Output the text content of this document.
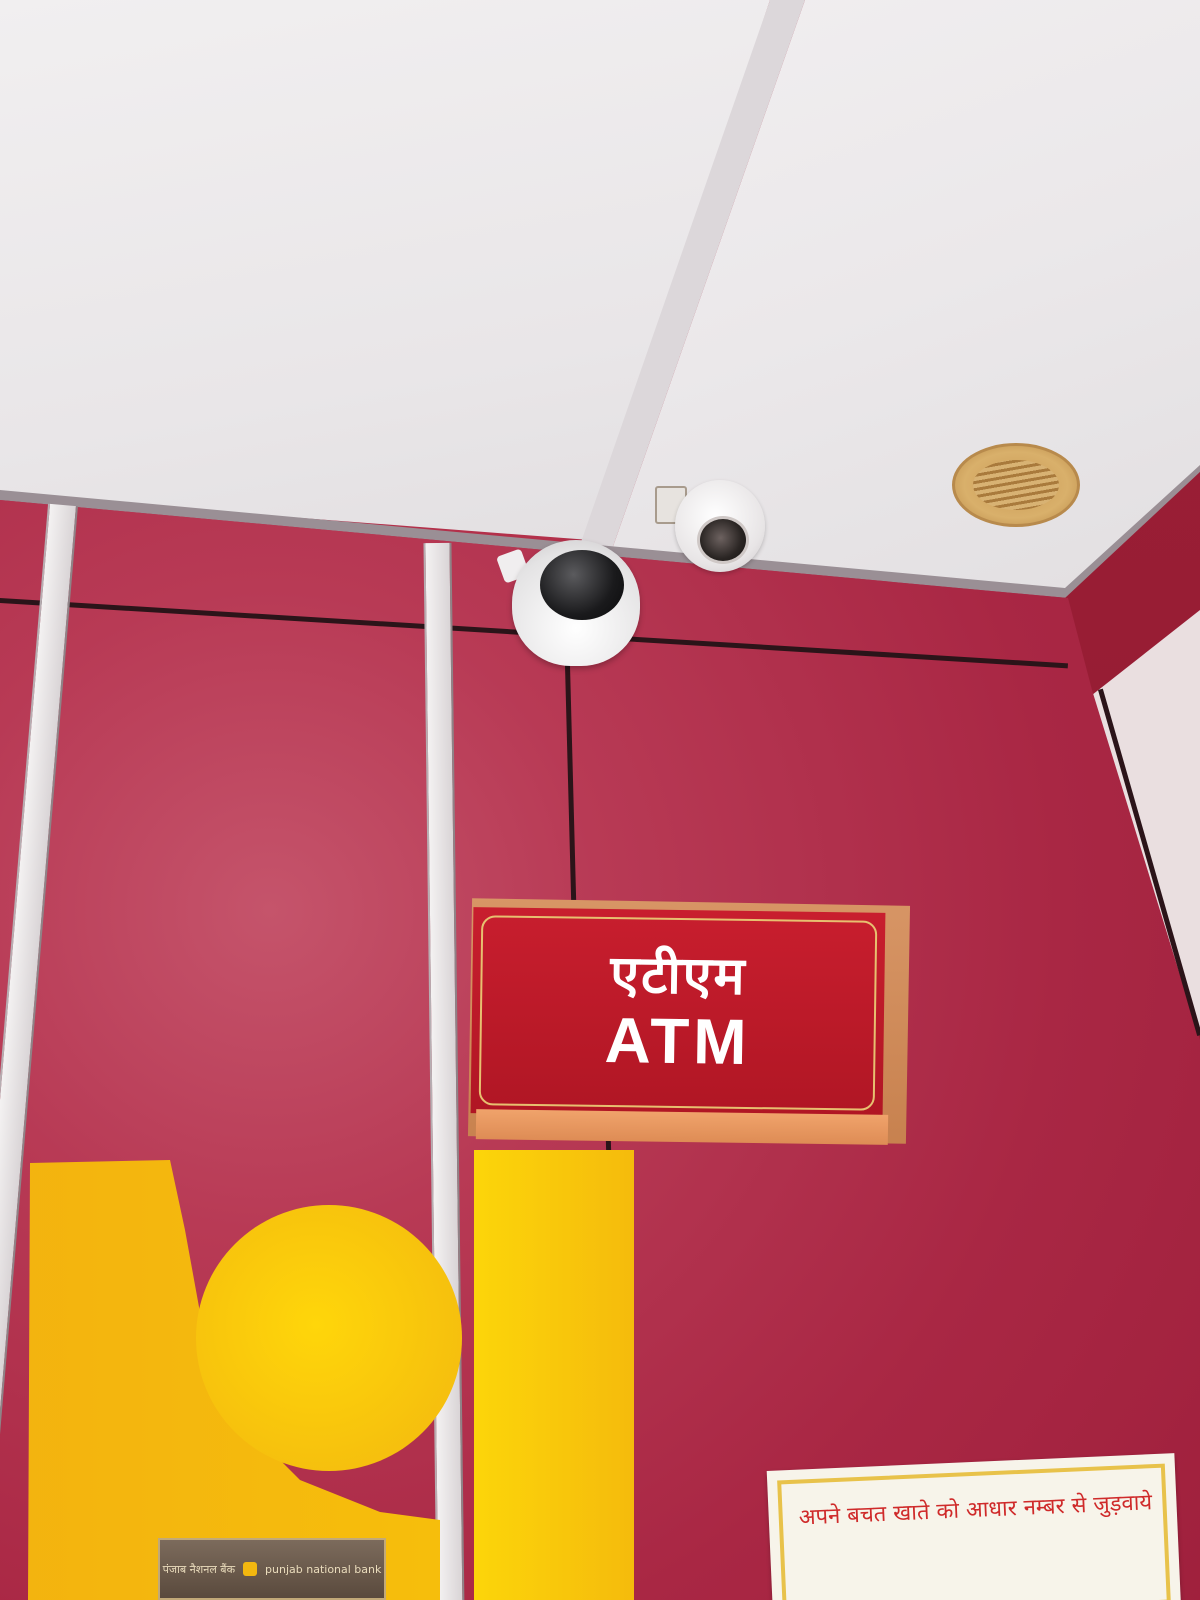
पंजाब नैशनल बैंक	punjab national bank
एटीएम
ATM
अपने बचत खाते को आधार नम्बर से जुड़वाये
